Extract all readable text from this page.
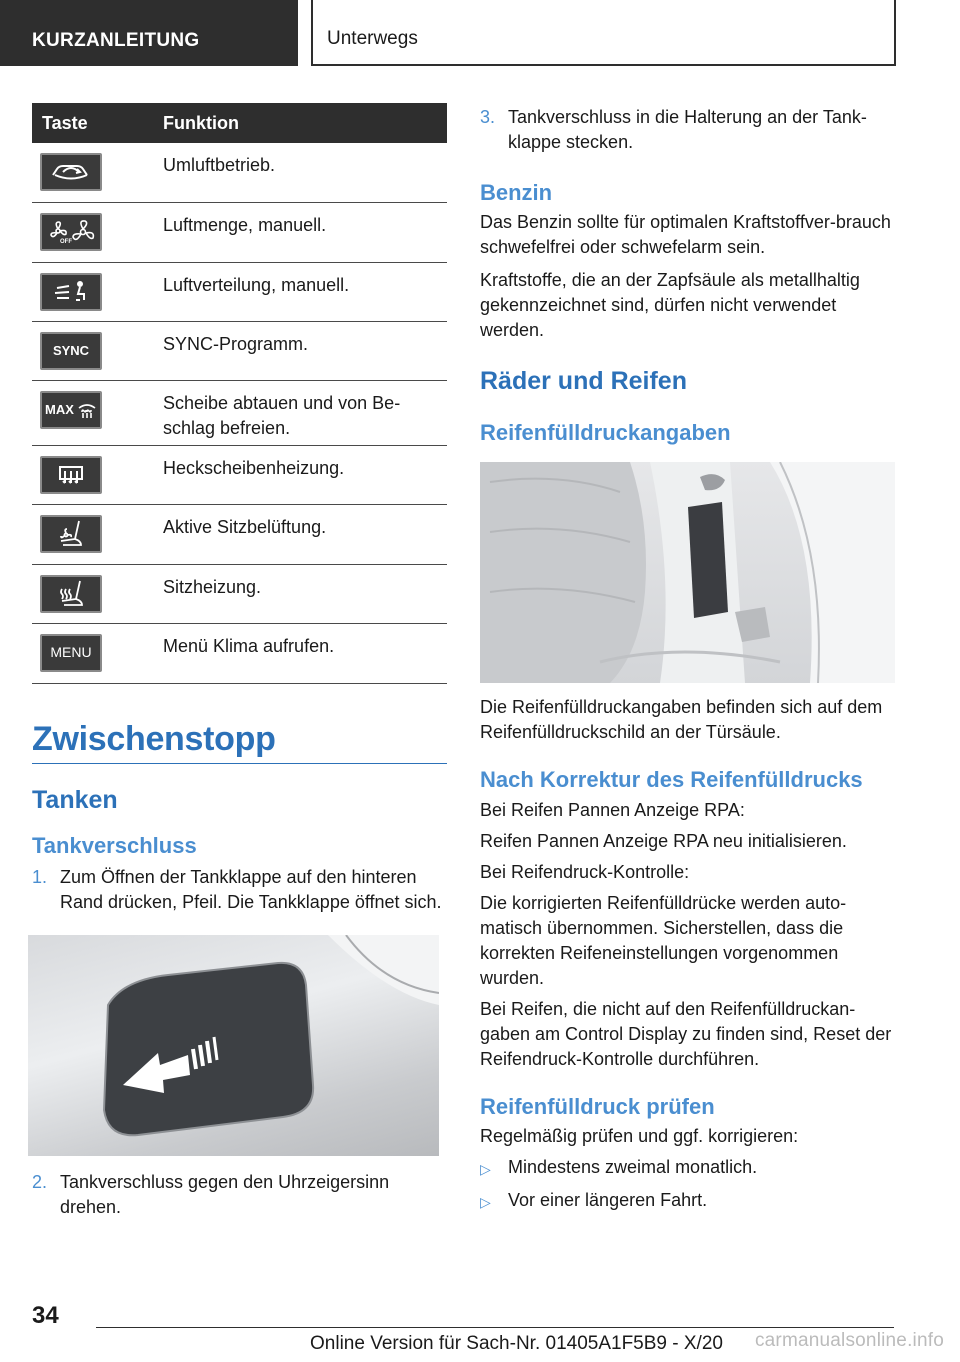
KURZANLEITUNG	Unterwegs
Taste	Funktion

	Umluftbetrieb.

OFF	Luftmenge, manuell.

	Luftverteilung, manuell.

SYNC	SYNC-Programm.

MAX	Scheibe abtauen und von Be-schlag befreien.

	Heckscheibenheizung.

	Aktive Sitzbelüftung.

	Sitzheizung.

MENU	Menü Klima aufrufen.
Zwischenstopp
Tanken
Tankverschluss
1. Zum Öffnen der Tankklappe auf den hinteren Rand drücken, Pfeil. Die Tankklappe öffnet sich.
2. Tankverschluss gegen den Uhrzeigersinn drehen.
3. Tankverschluss in die Halterung an der Tank-klappe stecken.
Benzin

Das Benzin sollte für optimalen Kraftstoffver-brauch schwefelfrei oder schwefelarm sein.

Kraftstoffe, die an der Zapfsäule als metallhaltig gekennzeichnet sind, dürfen nicht verwendet werden.

Räder und Reifen
Reifenfülldruckangaben

Die Reifenfülldruckangaben befinden sich auf dem Reifenfülldruckschild an der Türsäule.

Nach Korrektur des Reifenfülldrucks

Bei Reifen Pannen Anzeige RPA:

Reifen Pannen Anzeige RPA neu initialisieren.

Bei Reifendruck-Kontrolle:

Die korrigierten Reifenfülldrücke werden auto-matisch übernommen. Sicherstellen, dass die korrekten Reifeneinstellungen vorgenommen wurden.

Bei Reifen, die nicht auf den Reifenfülldruckan-gaben am Control Display zu finden sind, Reset der Reifendruck-Kontrolle durchführen.

Reifenfülldruck prüfen

Regelmäßig prüfen und ggf. korrigieren:

▷ Mindestens zweimal monatlich.
▷ Vor einer längeren Fahrt.
34
Online Version für Sach-Nr. 01405A1F5B9 - X/20 carmanualsonline.info
